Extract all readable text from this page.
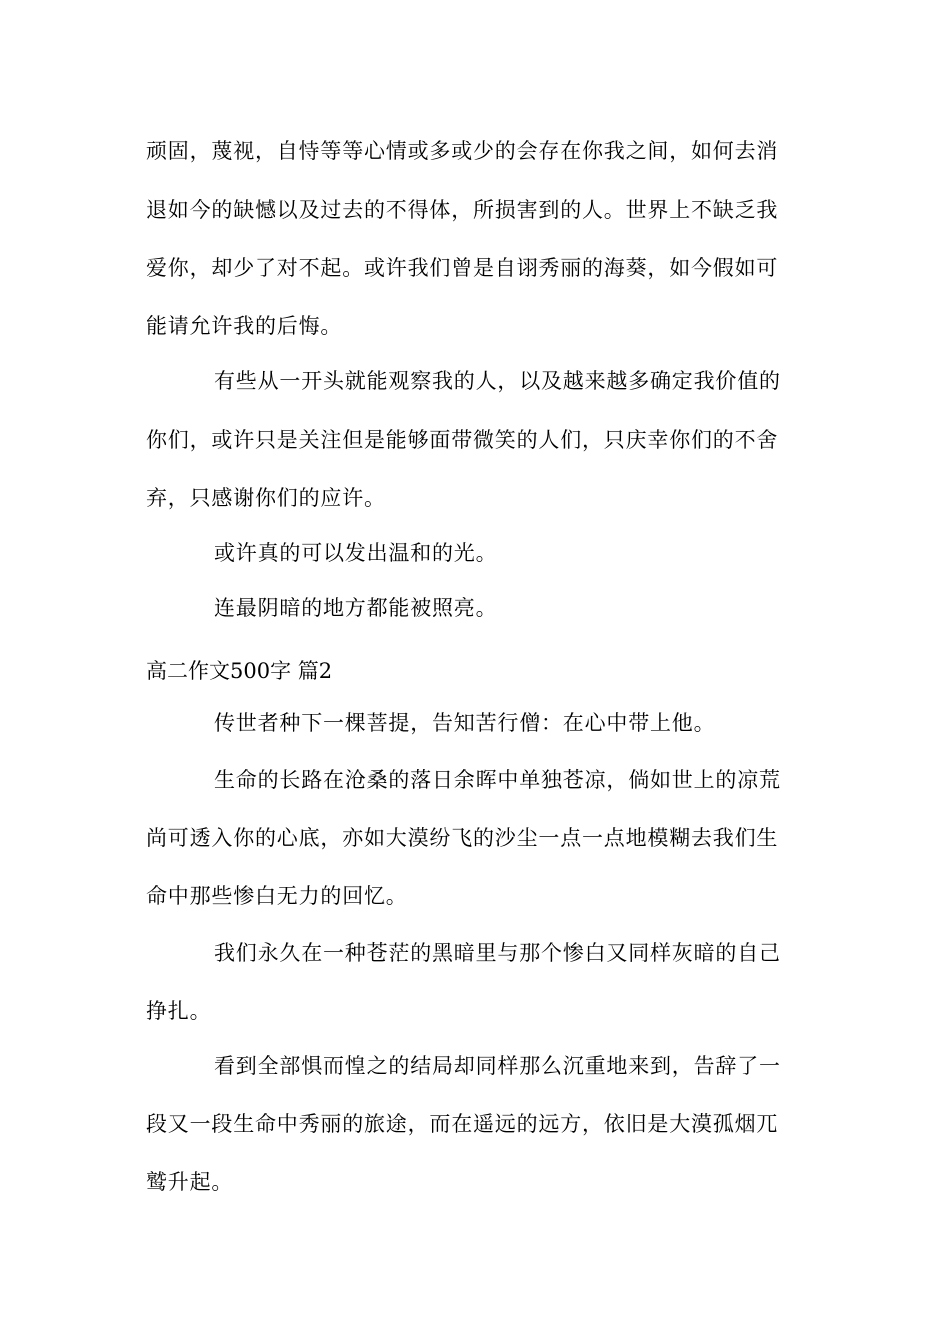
顽固，蔑视，自恃等等心情或多或少的会存在你我之间，如何去消
退如今的缺憾以及过去的不得体，所损害到的人。世界上不缺乏我
爱你，却少了对不起。或许我们曾是自诩秀丽的海葵，如今假如可
能请允许我的后悔。
有些从一开头就能观察我的人，以及越来越多确定我价值的
你们，或许只是关注但是能够面带微笑的人们，只庆幸你们的不舍
弃，只感谢你们的应许。
或许真的可以发出温和的光。
连最阴暗的地方都能被照亮。
高二作文500字 篇2
传世者种下一棵菩提，告知苦行僧：在心中带上他。
生命的长路在沧桑的落日余晖中单独苍凉，倘如世上的凉荒
尚可透入你的心底，亦如大漠纷飞的沙尘一点一点地模糊去我们生
命中那些惨白无力的回忆。
我们永久在一种苍茫的黑暗里与那个惨白又同样灰暗的自己
挣扎。
看到全部惧而惶之的结局却同样那么沉重地来到，告辞了一
段又一段生命中秀丽的旅途，而在遥远的远方，依旧是大漠孤烟兀
鹫升起。
